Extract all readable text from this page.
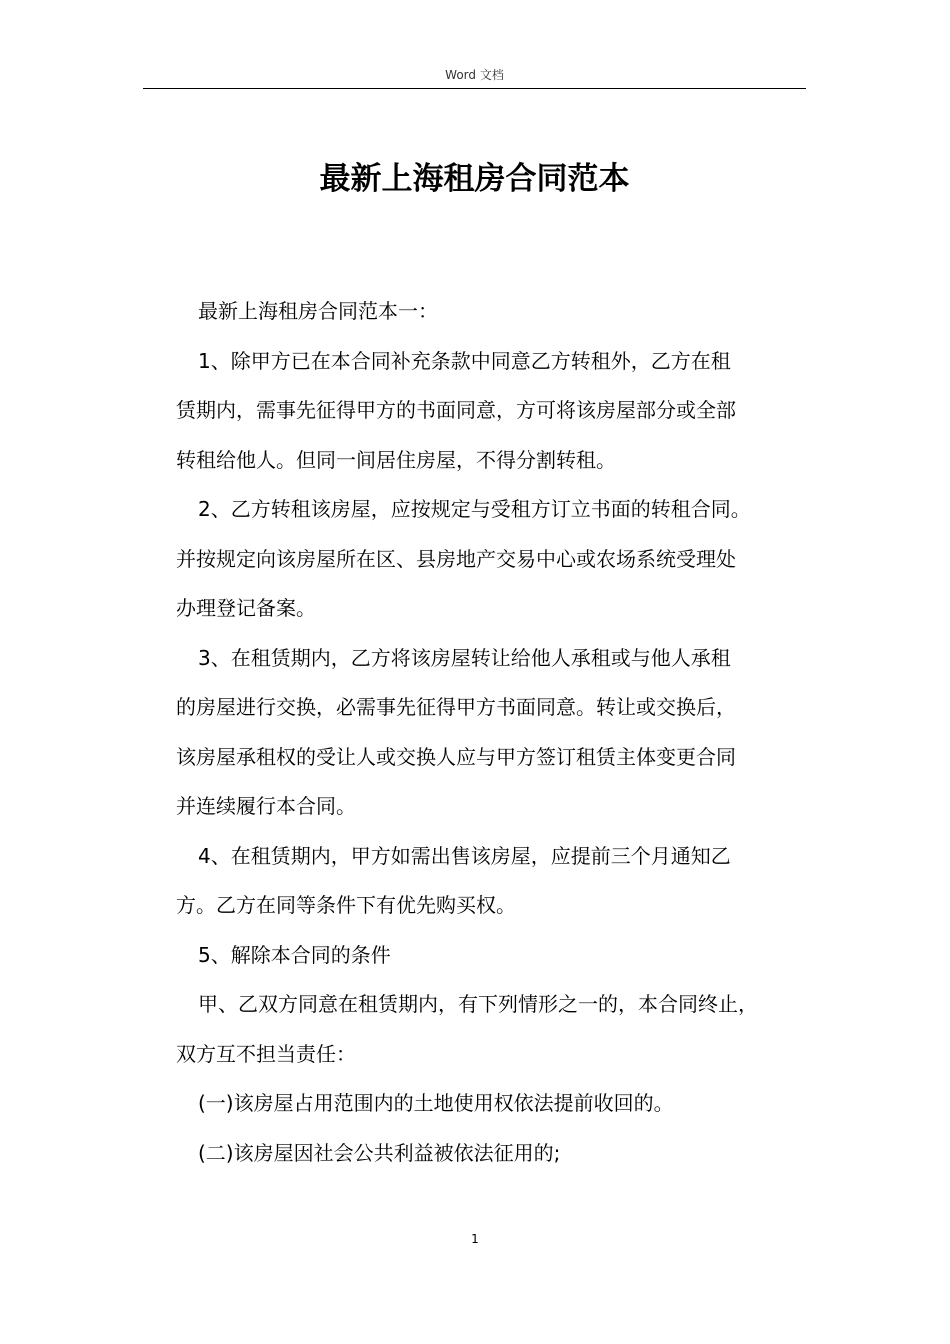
Word 文档
最新上海租房合同范本

最新上海租房合同范本一：

1、除甲方已在本合同补充条款中同意乙方转租外，乙方在租
赁期内，需事先征得甲方的书面同意，方可将该房屋部分或全部
转租给他人。但同一间居住房屋，不得分割转租。

2、乙方转租该房屋，应按规定与受租方订立书面的转租合同。
并按规定向该房屋所在区、县房地产交易中心或农场系统受理处
办理登记备案。

3、在租赁期内，乙方将该房屋转让给他人承租或与他人承租
的房屋进行交换，必需事先征得甲方书面同意。转让或交换后，
该房屋承租权的受让人或交换人应与甲方签订租赁主体变更合同
并连续履行本合同。

4、在租赁期内，甲方如需出售该房屋，应提前三个月通知乙
方。乙方在同等条件下有优先购买权。

5、解除本合同的条件

甲、乙双方同意在租赁期内，有下列情形之一的，本合同终止，
双方互不担当责任：

(一)该房屋占用范围内的土地使用权依法提前收回的。

(二)该房屋因社会公共利益被依法征用的;

1
